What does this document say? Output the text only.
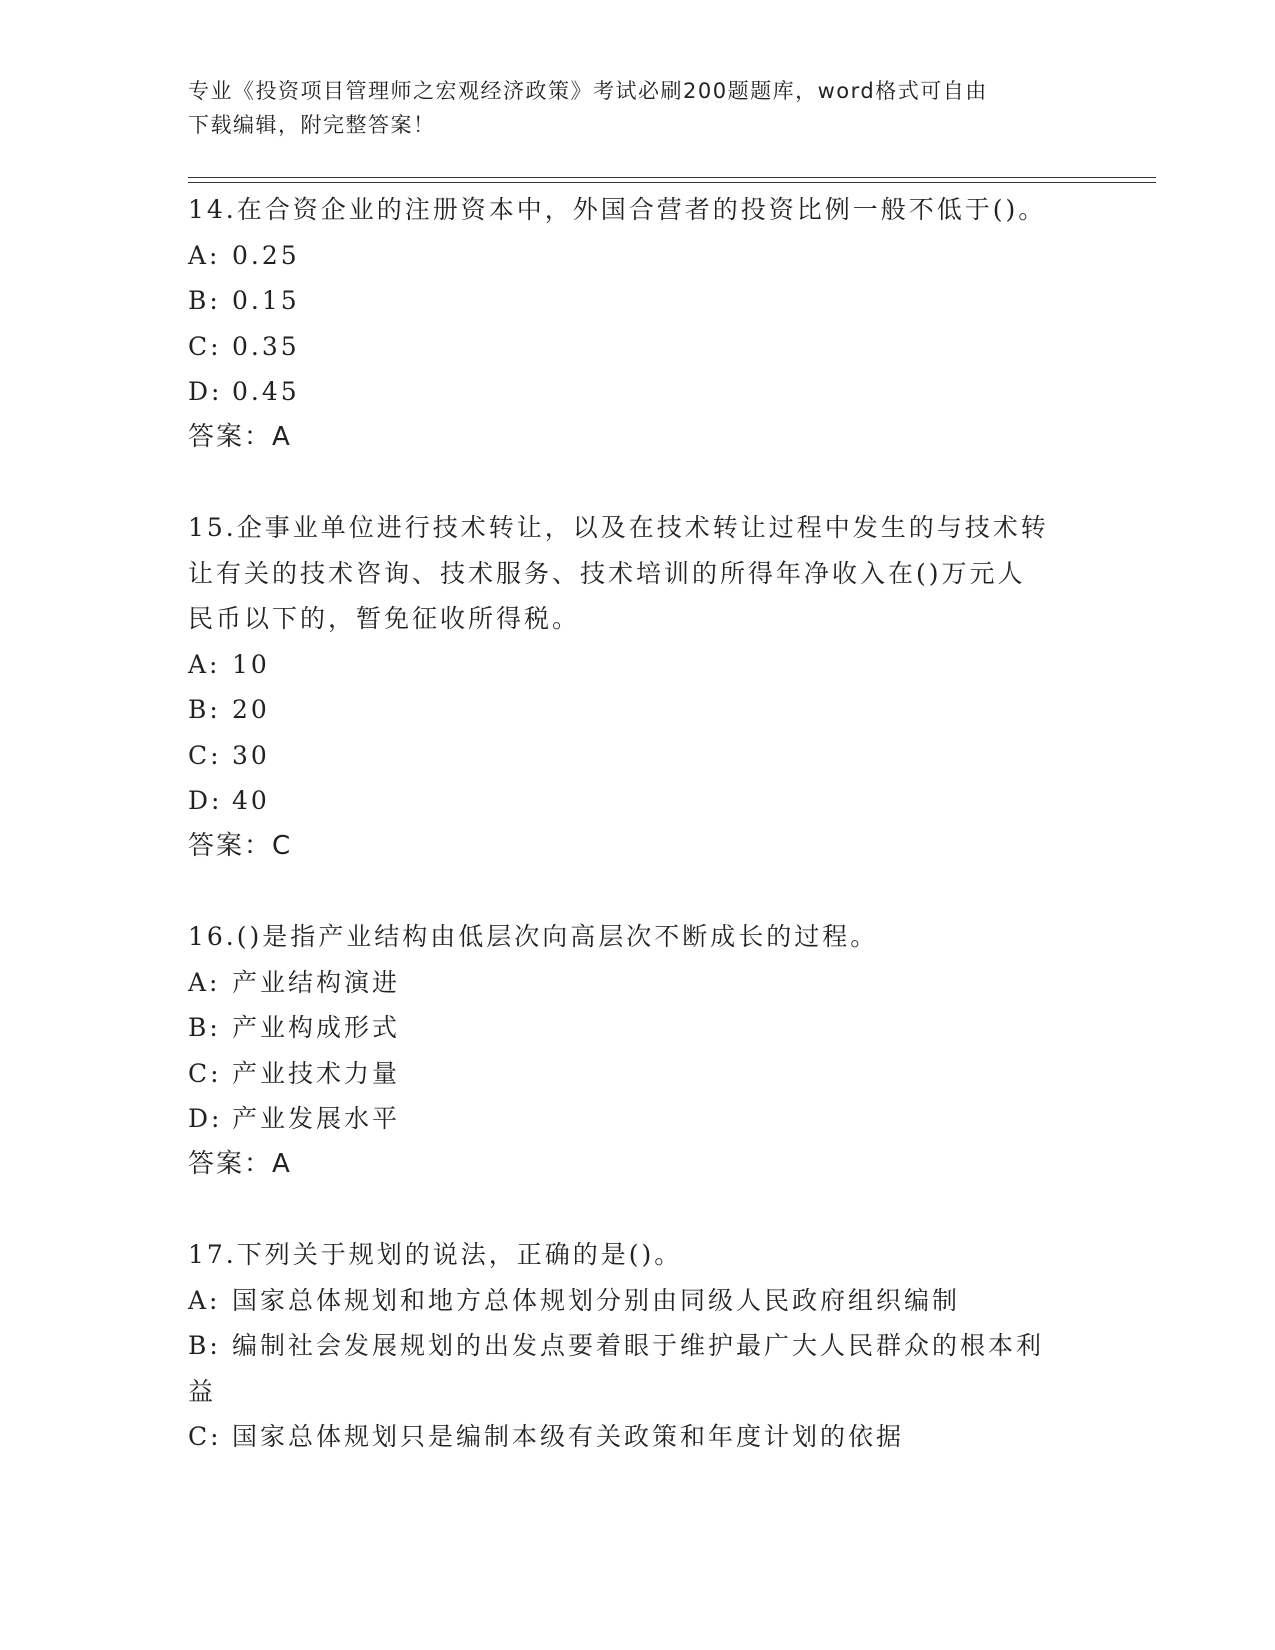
专业《投资项目管理师之宏观经济政策》考试必刷200题题库，word格式可自由
下载编辑，附完整答案！
14.在合资企业的注册资本中，外国合营者的投资比例一般不低于()。
A: 0.25
B: 0.15
C: 0.35
D: 0.45
答案：A
15.企事业单位进行技术转让，以及在技术转让过程中发生的与技术转
让有关的技术咨询、技术服务、技术培训的所得年净收入在()万元人
民币以下的，暂免征收所得税。
A: 10
B: 20
C: 30
D: 40
答案：C
16.()是指产业结构由低层次向高层次不断成长的过程。
A: 产业结构演进
B: 产业构成形式
C: 产业技术力量
D: 产业发展水平
答案：A
17.下列关于规划的说法，正确的是()。
A: 国家总体规划和地方总体规划分别由同级人民政府组织编制
B: 编制社会发展规划的出发点要着眼于维护最广大人民群众的根本利
益
C: 国家总体规划只是编制本级有关政策和年度计划的依据
